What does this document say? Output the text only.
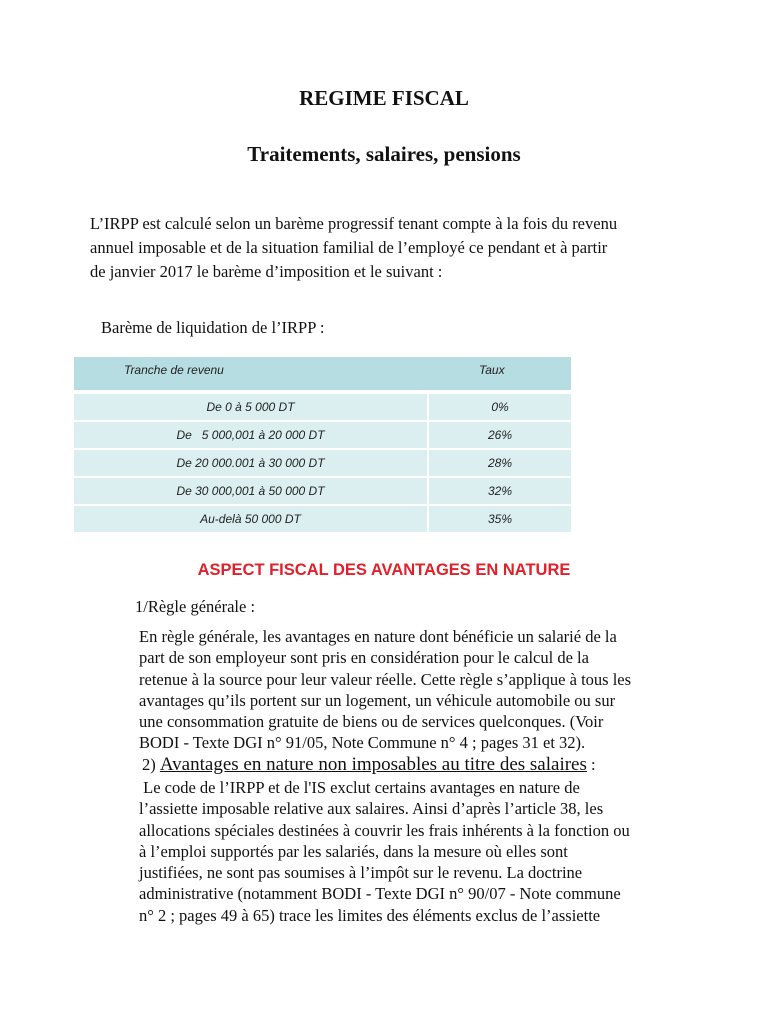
REGIME FISCAL
Traitements, salaires, pensions

L’IRPP est calculé selon un barème progressif tenant compte à la fois du revenu
annuel imposable et de la situation familial de l’employé ce pendant et à partir
de janvier 2017 le barème d’imposition et le suivant :

Barème de liquidation de l’IRPP :

Tranche de revenu	Taux
De 0 à 5 000 DT	0%
De   5 000,001 à 20 000 DT	26%
De 20 000.001 à 30 000 DT	28%
De 30 000,001 à 50 000 DT	32%
Au-delà 50 000 DT	35%
ASPECT FISCAL DES AVANTAGES EN NATURE

1/Règle générale :

En règle générale, les avantages en nature dont bénéficie un salarié de la
part de son employeur sont pris en considération pour le calcul de la
retenue à la source pour leur valeur réelle. Cette règle s’applique à tous les
avantages qu’ils portent sur un logement, un véhicule automobile ou sur
une consommation gratuite de biens ou de services quelconques. (Voir
BODI - Texte DGI n° 91/05, Note Commune n° 4 ; pages 31 et 32).

2) Avantages en nature non imposables au titre des salaires :

Le code de l’IRPP et de l'IS exclut certains avantages en nature de
l’assiette imposable relative aux salaires. Ainsi d’après l’article 38, les
allocations spéciales destinées à couvrir les frais inhérents à la fonction ou
à l’emploi supportés par les salariés, dans la mesure où elles sont
justifiées, ne sont pas soumises à l’impôt sur le revenu. La doctrine
administrative (notamment BODI - Texte DGI n° 90/07 - Note commune
n° 2 ; pages 49 à 65) trace les limites des éléments exclus de l’assiette
